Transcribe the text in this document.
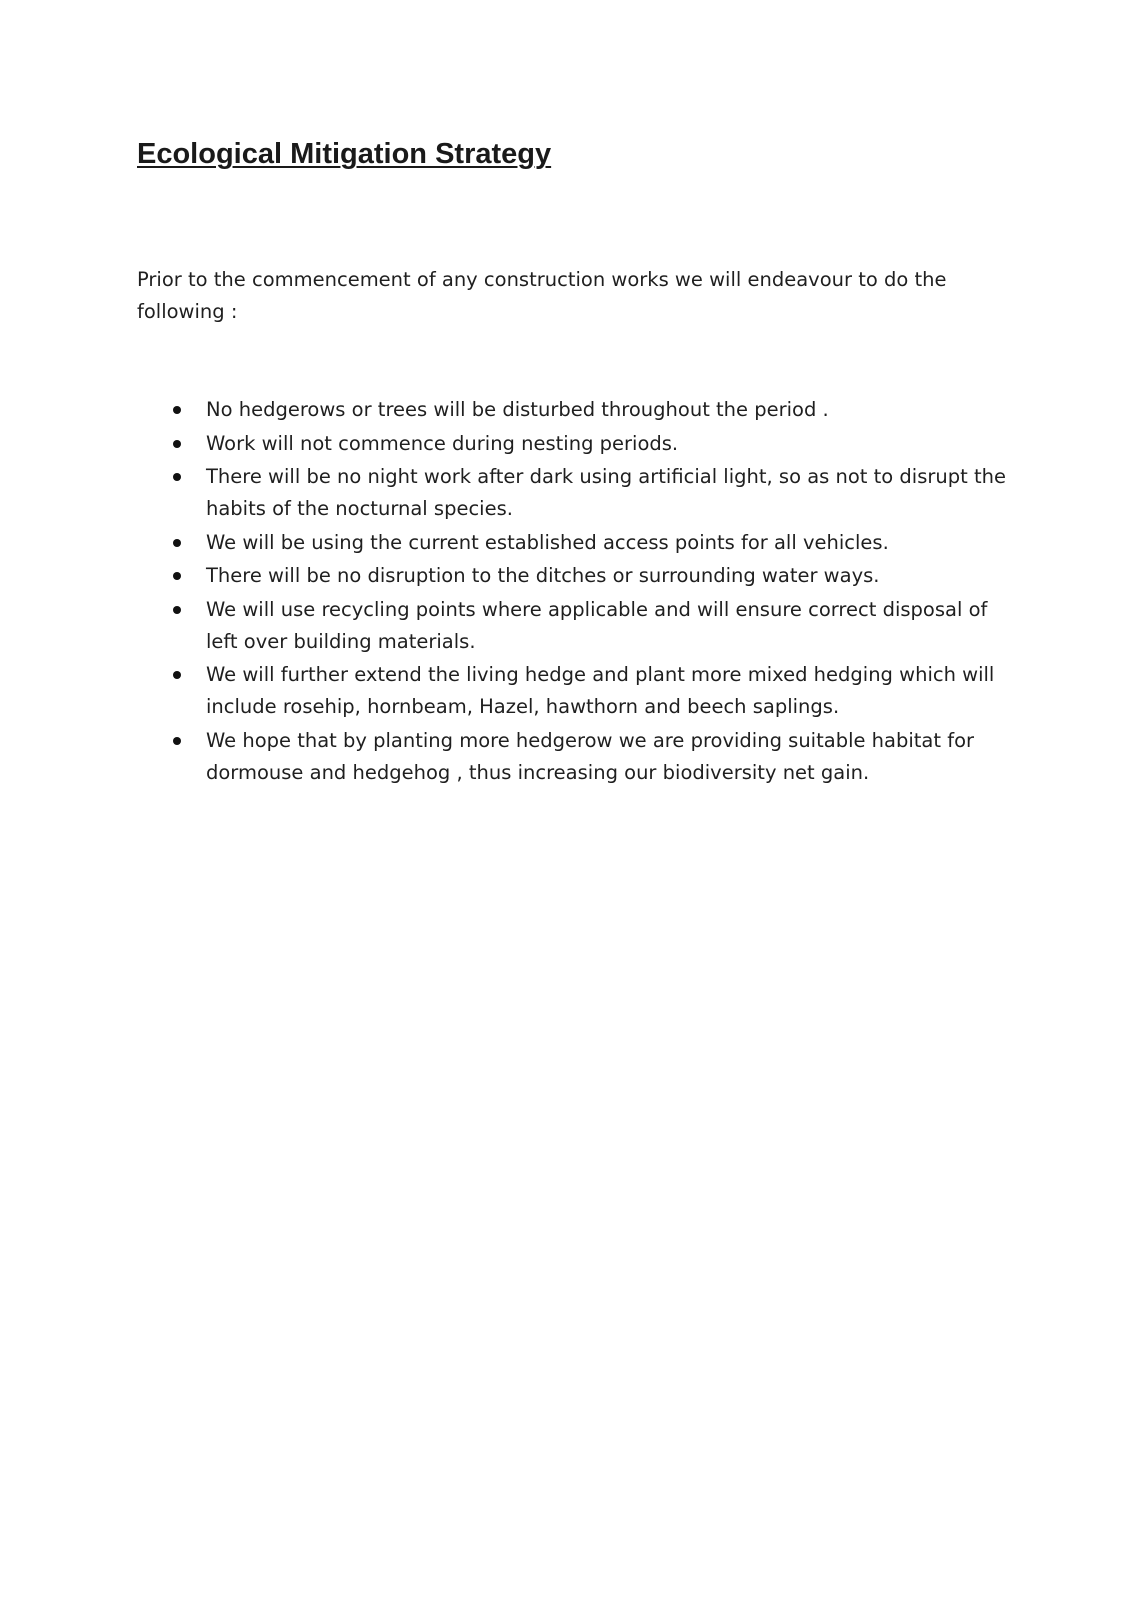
Ecological Mitigation Strategy

Prior to the commencement of any construction works we will endeavour to do the following :

No hedgerows or trees will be disturbed throughout the period .
Work will not commence during nesting periods.
There will be no night work after dark using artificial light, so as not to disrupt the habits of the nocturnal species.
We will be using the current established access points for all vehicles.
There will be no disruption to the ditches or surrounding water ways.
We will use recycling points where applicable and will ensure correct disposal of left over building materials.
We will further extend the living hedge and plant more mixed hedging which will include rosehip, hornbeam, Hazel, hawthorn and beech saplings.
We hope that by planting more hedgerow we are providing suitable habitat for dormouse and hedgehog , thus increasing our biodiversity net gain.
